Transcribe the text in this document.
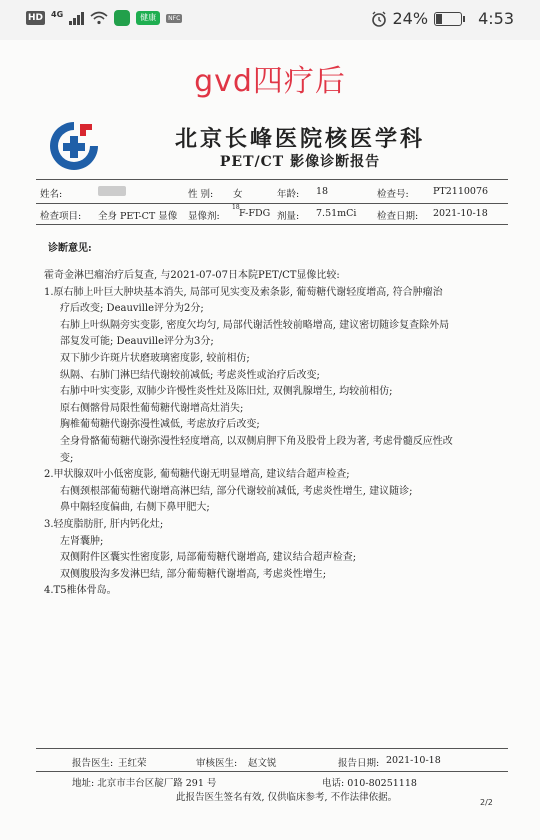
HD 4G	健康	NFC	24%	4:53
gvd四疗后
北京长峰医院核医学科
PET/CT 影像诊断报告
姓名:	性 别: 女	年龄: 18	检查号:	PT2110076
检查项目: 全身 PET-CT 显像 显像剂:
18
F-FDG 剂量: 7.51mCi 检查日期: 2021-10-18
诊断意见:
霍奇金淋巴瘤治疗后复查, 与2021-07-07日本院PET/CT显像比较:
1.原右肺上叶巨大肿块基本消失, 局部可见实变及索条影, 葡萄糖代谢轻度增高, 符合肿瘤治
疗后改变; Deauville评分为2分;
右肺上叶纵隔旁实变影, 密度欠均匀, 局部代谢活性较前略增高, 建议密切随诊复查除外局
部复发可能; Deauville评分为3分;
双下肺少许斑片状磨玻璃密度影, 较前相仿;
纵隔、右肺门淋巴结代谢较前减低; 考虑炎性或治疗后改变;
右肺中叶实变影, 双肺少许慢性炎性灶及陈旧灶, 双侧乳腺增生, 均较前相仿;
原右侧髂骨局限性葡萄糖代谢增高灶消失;
胸椎葡萄糖代谢弥漫性减低, 考虑放疗后改变;
全身骨骼葡萄糖代谢弥漫性轻度增高, 以双侧肩胛下角及股骨上段为著, 考虑骨髓反应性改
变;
2.甲状腺双叶小低密度影, 葡萄糖代谢无明显增高, 建议结合超声检查;
右侧颈根部葡萄糖代谢增高淋巴结, 部分代谢较前减低, 考虑炎性增生, 建议随诊;
鼻中隔轻度偏曲, 右侧下鼻甲肥大;
3.轻度脂肪肝, 肝内钙化灶;
左肾囊肿;
双侧附件区囊实性密度影, 局部葡萄糖代谢增高, 建议结合超声检查;
双侧腹股沟多发淋巴结, 部分葡萄糖代谢增高, 考虑炎性增生;
4.T5椎体骨岛。
报告医生: 王红荣	审核医生: 赵文锐	报告日期: 2021-10-18
地址: 北京市丰台区靛厂路 291 号	电话: 010-80251118
此报告医生签名有效, 仅供临床参考, 不作法律依据。	2/2
